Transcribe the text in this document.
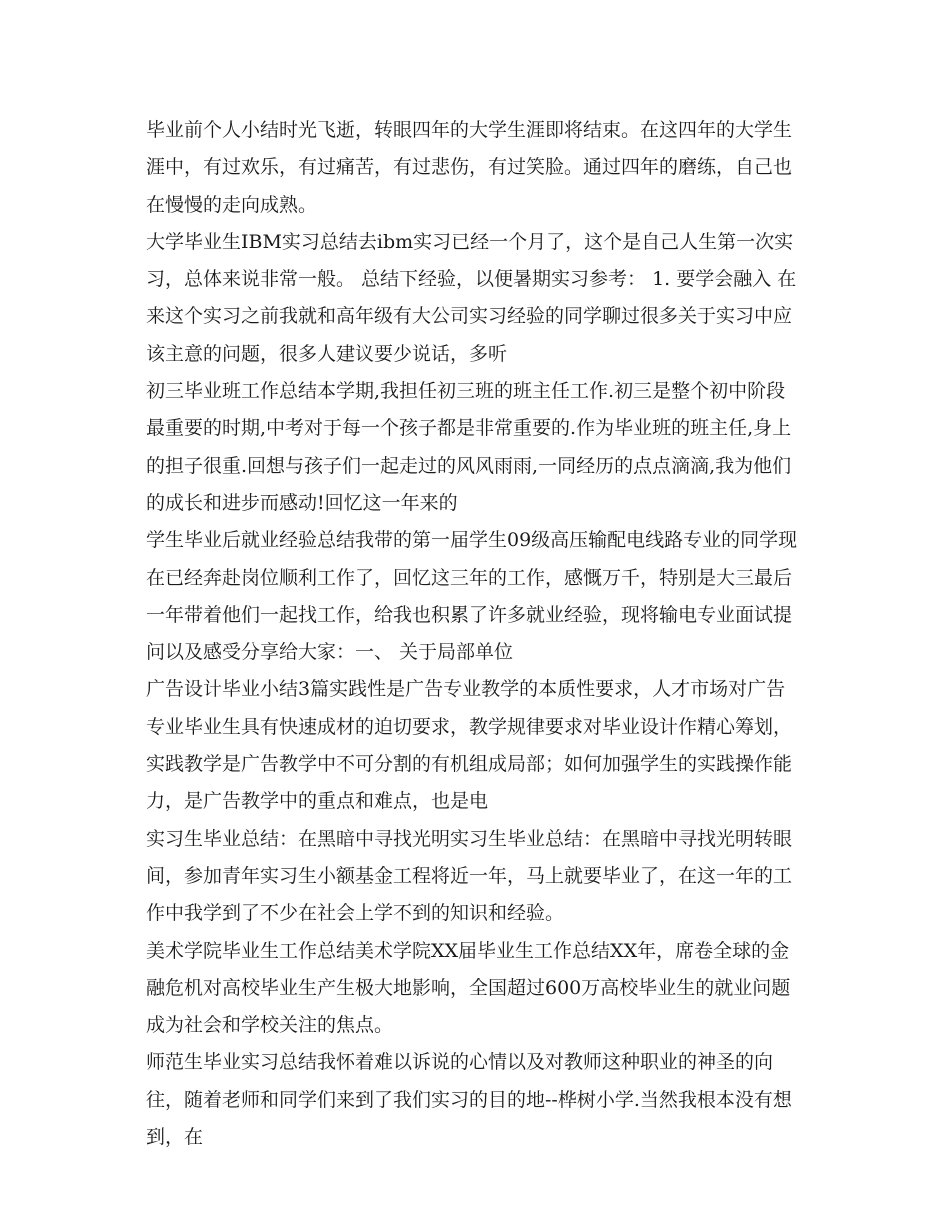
毕业前个人小结时光飞逝，转眼四年的大学生涯即将结束。在这四年的大学生涯中，有过欢乐，有过痛苦，有过悲伤，有过笑脸。通过四年的磨练，自己也在慢慢的走向成熟。

大学毕业生IBM实习总结去ibm实习已经一个月了，这个是自己人生第一次实习，总体来说非常一般。 总结下经验，以便暑期实习参考： 1. 要学会融入 在来这个实习之前我就和高年级有大公司实习经验的同学聊过很多关于实习中应该主意的问题，很多人建议要少说话，多听

初三毕业班工作总结本学期,我担任初三班的班主任工作.初三是整个初中阶段最重要的时期,中考对于每一个孩子都是非常重要的.作为毕业班的班主任,身上的担子很重.回想与孩子们一起走过的风风雨雨,一同经历的点点滴滴,我为他们的成长和进步而感动!回忆这一年来的

学生毕业后就业经验总结我带的第一届学生09级高压输配电线路专业的同学现在已经奔赴岗位顺利工作了，回忆这三年的工作，感慨万千，特别是大三最后一年带着他们一起找工作，给我也积累了许多就业经验，现将输电专业面试提问以及感受分享给大家：一、 关于局部单位

广告设计毕业小结3篇实践性是广告专业教学的本质性要求，人才市场对广告专业毕业生具有快速成材的迫切要求，教学规律要求对毕业设计作精心筹划，实践教学是广告教学中不可分割的有机组成局部；如何加强学生的实践操作能力，是广告教学中的重点和难点，也是电

实习生毕业总结：在黑暗中寻找光明实习生毕业总结：在黑暗中寻找光明转眼间，参加青年实习生小额基金工程将近一年，马上就要毕业了，在这一年的工作中我学到了不少在社会上学不到的知识和经验。

美术学院毕业生工作总结美术学院XX届毕业生工作总结XX年，席卷全球的金融危机对高校毕业生产生极大地影响，全国超过600万高校毕业生的就业问题成为社会和学校关注的焦点。

师范生毕业实习总结我怀着难以诉说的心情以及对教师这种职业的神圣的向往，随着老师和同学们来到了我们实习的目的地--桦树小学.当然我根本没有想到，在
